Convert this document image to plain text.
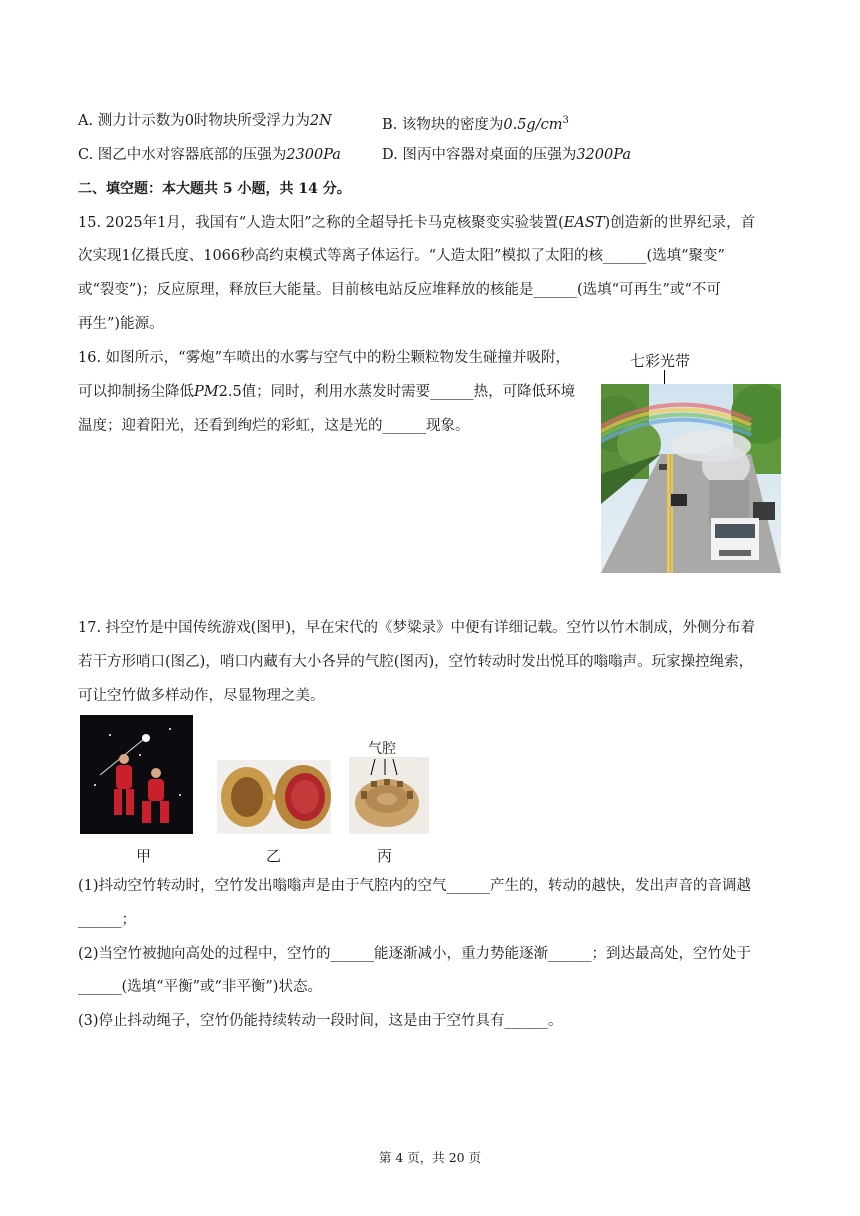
A. 测力计示数为0时物块所受浮力为2N	B. 该物块的密度为$0.5g/cm^3$
C. 图乙中水对容器底部的压强为2300Pa	D. 图丙中容器对桌面的压强为3200Pa
二、填空题：本大题共 5 小题，共 14 分。
15. 2025年1月，我国有“人造太阳”之称的全超导托卡马克核聚变实验装置(EAST)创造新的世界纪录，首
次实现1亿摄氏度、1066秒高约束模式等离子体运行。“人造太阳”模拟了太阳的核______(选填“聚变”
或“裂变”)；反应原理，释放巨大能量。目前核电站反应堆释放的核能是______(选填“可再生”或“不可
再生”)能源。
16. 如图所示，“雾炮”车喷出的水雾与空气中的粉尘颗粒物发生碰撞并吸附，
可以抑制扬尘降低PM2.5值；同时，利用水蒸发时需要______热，可降低环境
温度；迎着阳光，还看到绚烂的彩虹，这是光的______现象。
七彩光带
17. 抖空竹是中国传统游戏(图甲)，早在宋代的《梦粱录》中便有详细记载。空竹以竹木制成，外侧分布着
若干方形哨口(图乙)，哨口内藏有大小各异的气腔(图丙)，空竹转动时发出悦耳的嗡嗡声。玩家操控绳索，
可让空竹做多样动作，尽显物理之美。
甲	乙
气腔
丙
(1)抖动空竹转动时，空竹发出嗡嗡声是由于气腔内的空气______产生的，转动的越快，发出声音的音调越
______；
(2)当空竹被抛向高处的过程中，空竹的______能逐渐减小，重力势能逐渐______；到达最高处，空竹处于
______(选填“平衡”或“非平衡”)状态。
(3)停止抖动绳子，空竹仍能持续转动一段时间，这是由于空竹具有______。
第 4 页，共 20 页
